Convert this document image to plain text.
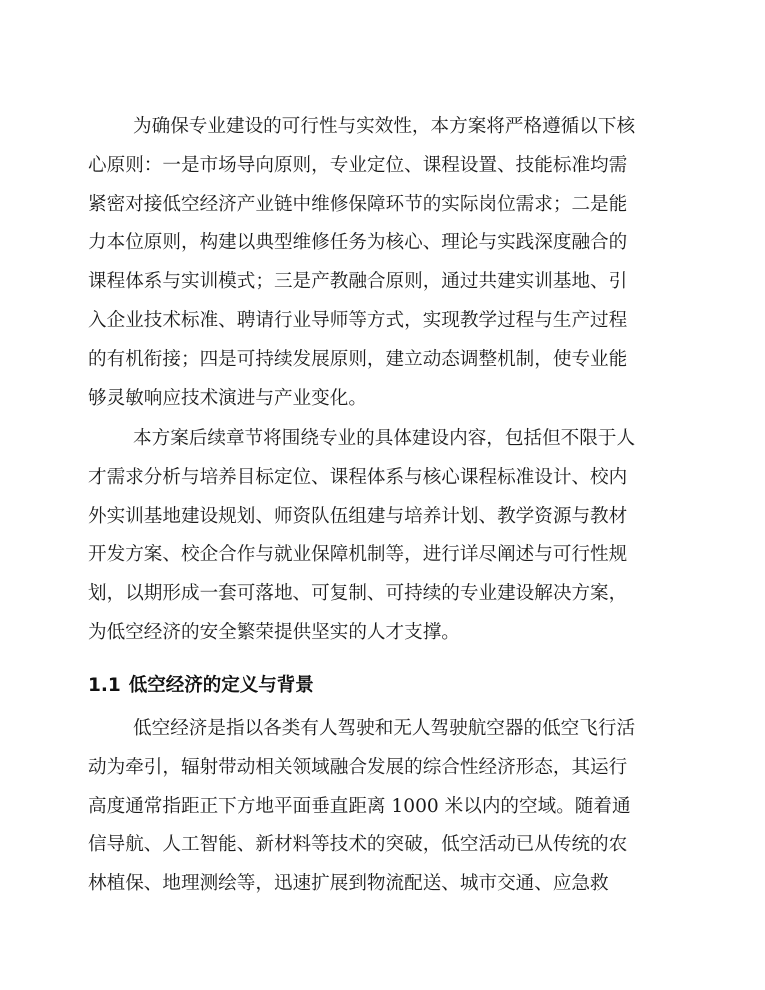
为确保专业建设的可行性与实效性，本方案将严格遵循以下核
心原则：一是市场导向原则，专业定位、课程设置、技能标准均需
紧密对接低空经济产业链中维修保障环节的实际岗位需求；二是能
力本位原则，构建以典型维修任务为核心、理论与实践深度融合的
课程体系与实训模式；三是产教融合原则，通过共建实训基地、引
入企业技术标准、聘请行业导师等方式，实现教学过程与生产过程
的有机衔接；四是可持续发展原则，建立动态调整机制，使专业能
够灵敏响应技术演进与产业变化。
本方案后续章节将围绕专业的具体建设内容，包括但不限于人
才需求分析与培养目标定位、课程体系与核心课程标准设计、校内
外实训基地建设规划、师资队伍组建与培养计划、教学资源与教材
开发方案、校企合作与就业保障机制等，进行详尽阐述与可行性规
划，以期形成一套可落地、可复制、可持续的专业建设解决方案，
为低空经济的安全繁荣提供坚实的人才支撑。
1.1 低空经济的定义与背景
低空经济是指以各类有人驾驶和无人驾驶航空器的低空飞行活
动为牵引，辐射带动相关领域融合发展的综合性经济形态，其运行
高度通常指距正下方地平面垂直距离 1000 米以内的空域。随着通
信导航、人工智能、新材料等技术的突破，低空活动已从传统的农
林植保、地理测绘等，迅速扩展到物流配送、城市交通、应急救
